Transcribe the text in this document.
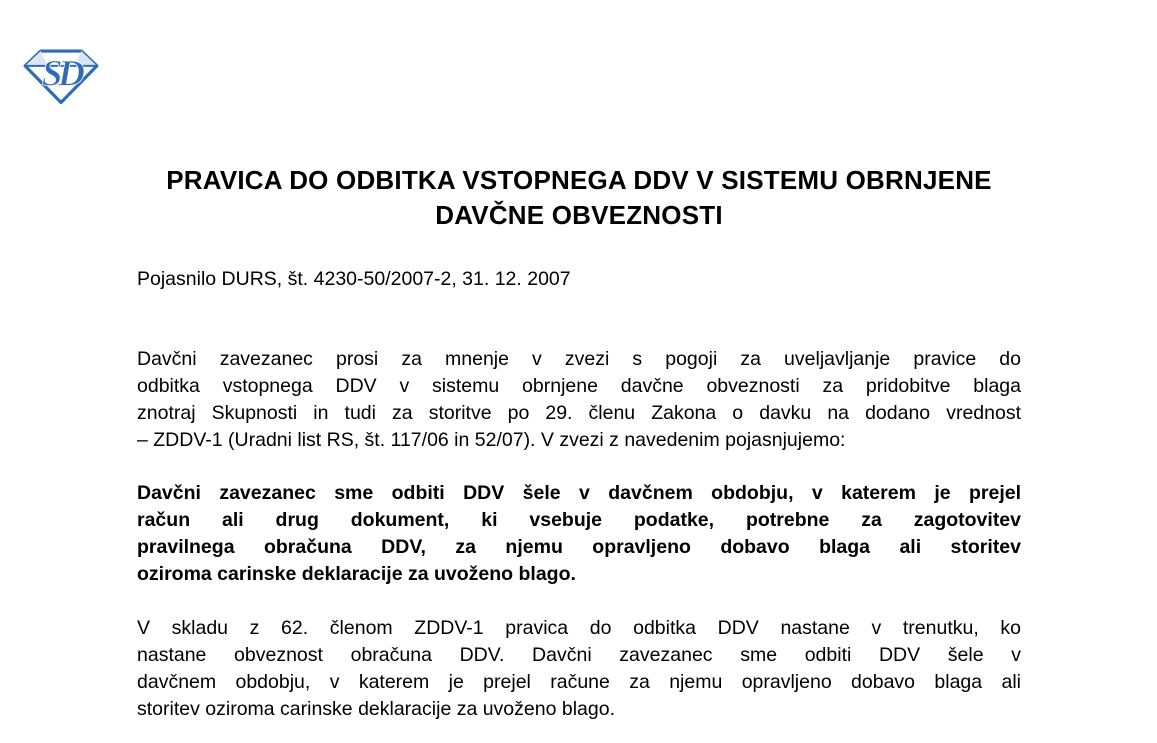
SD
PRAVICA DO ODBITKA VSTOPNEGA DDV V SISTEMU OBRNJENE
DAVČNE OBVEZNOSTI
Pojasnilo DURS, št. 4230-50/2007-2, 31. 12. 2007
Davčni zavezanec prosi za mnenje v zvezi s pogoji za uveljavljanje pravice do
odbitka vstopnega DDV v sistemu obrnjene davčne obveznosti za pridobitve blaga
znotraj Skupnosti in tudi za storitve po 29. členu Zakona o davku na dodano vrednost
– ZDDV-1 (Uradni list RS, št. 117/06 in 52/07). V zvezi z navedenim pojasnjujemo:
Davčni zavezanec sme odbiti DDV šele v davčnem obdobju, v katerem je prejel
račun ali drug dokument, ki vsebuje podatke, potrebne za zagotovitev
pravilnega obračuna DDV, za njemu opravljeno dobavo blaga ali storitev
oziroma carinske deklaracije za uvoženo blago.
V skladu z 62. členom ZDDV-1 pravica do odbitka DDV nastane v trenutku, ko
nastane obveznost obračuna DDV. Davčni zavezanec sme odbiti DDV šele v
davčnem obdobju, v katerem je prejel račune za njemu opravljeno dobavo blaga ali
storitev oziroma carinske deklaracije za uvoženo blago.
